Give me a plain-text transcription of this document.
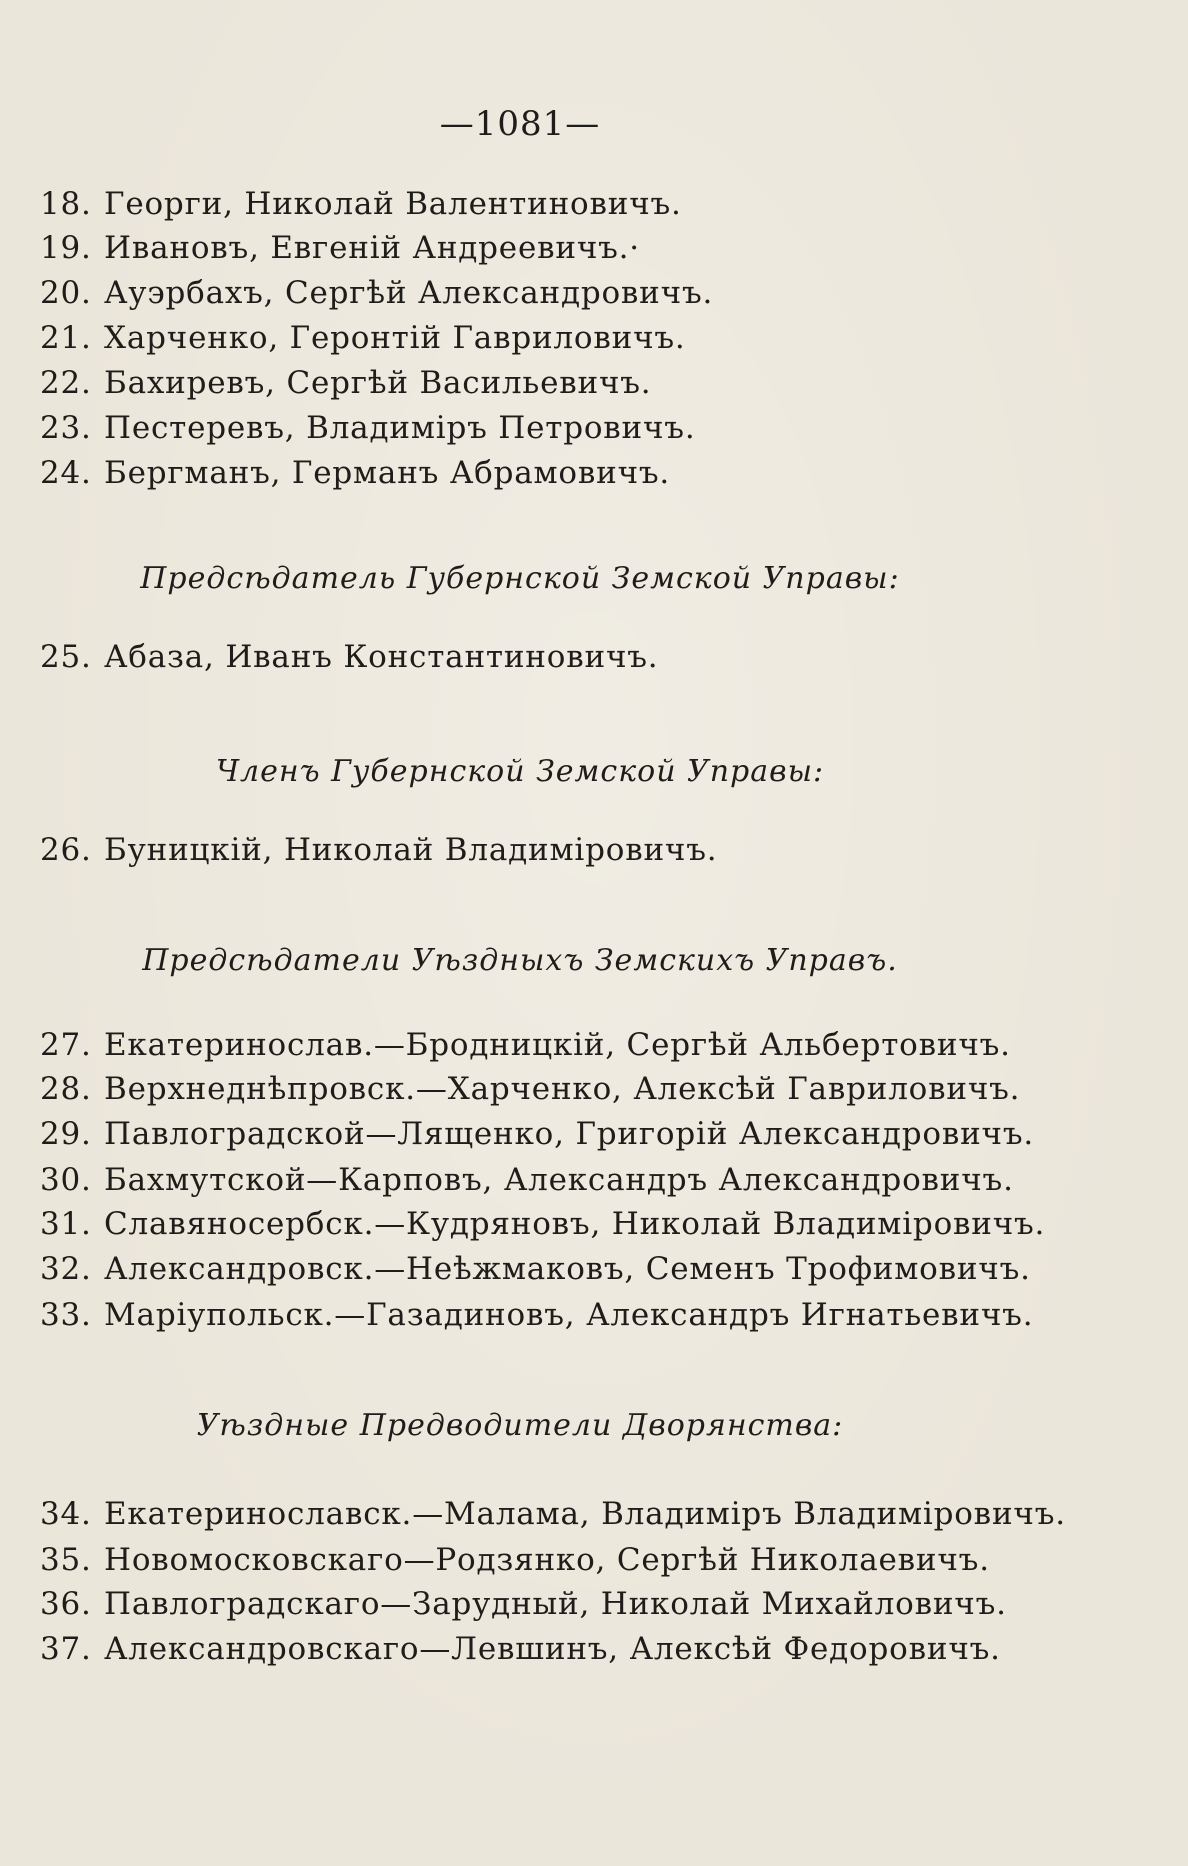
—1081—
18. Георги, Николай Валентиновичъ.
19. Ивановъ, Евгеній Андреевичъ.·
20. Ауэрбахъ, Сергѣй Александровичъ.
21. Харченко, Геронтій Гавриловичъ.
22. Бахиревъ, Сергѣй Васильевичъ.
23. Пестеревъ, Владиміръ Петровичъ.
24. Бергманъ, Германъ Абрамовичъ.
Предсѣдатель Губернской Земской Управы:
25. Абаза, Иванъ Константиновичъ.
Членъ Губернской Земской Управы:
26. Буницкій, Николай Владиміровичъ.
Предсѣдатели Уѣздныхъ Земскихъ Управъ.
27. Екатеринослав.—Бродницкій, Сергѣй Альбертовичъ.
28. Верхнеднѣпровск.—Харченко, Алексѣй Гавриловичъ.
29. Павлоградской—Лященко, Григорій Александровичъ.
30. Бахмутской—Карповъ, Александръ Александровичъ.
31. Славяносербск.—Кудряновъ, Николай Владиміровичъ.
32. Александровск.—Неѣжмаковъ, Семенъ Трофимовичъ.
33. Маріупольск.—Газадиновъ, Александръ Игнатьевичъ.
Уѣздные Предводители Дворянства:
34. Екатеринославск.—Малама, Владиміръ Владиміровичъ.
35. Новомосковскаго—Родзянко, Сергѣй Николаевичъ.
36. Павлоградскаго—Зарудный, Николай Михайловичъ.
37. Александровскаго—Левшинъ, Алексѣй Федоровичъ.
